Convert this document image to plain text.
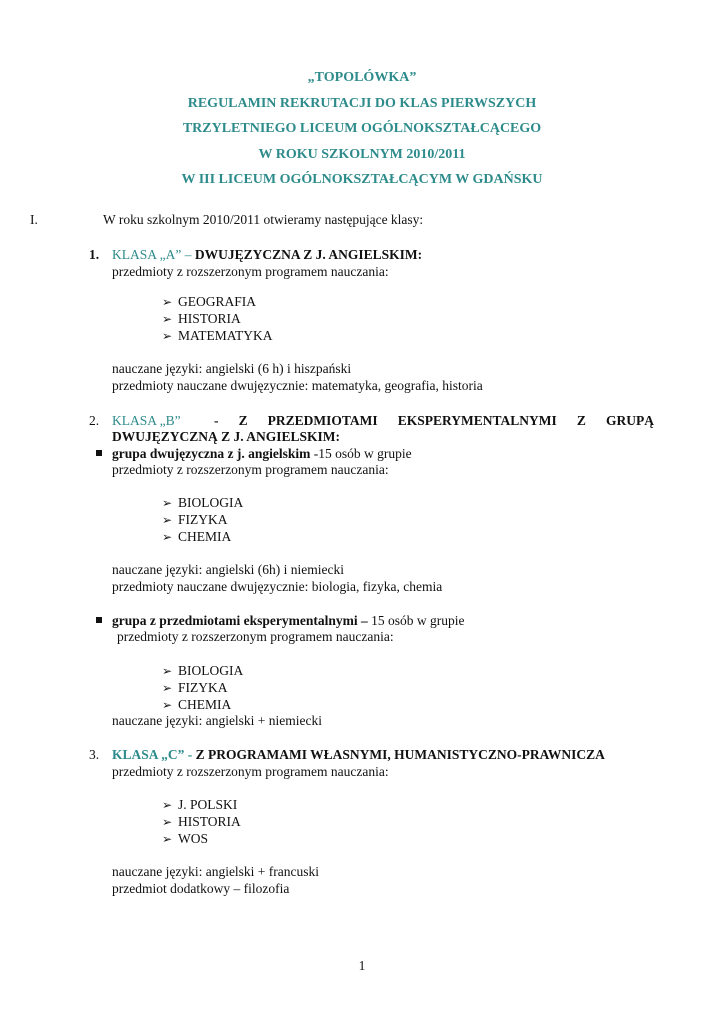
„TOPOLÓWKA”
REGULAMIN REKRUTACJI DO KLAS PIERWSZYCH
TRZYLETNIEGO LICEUM OGÓLNOKSZTAŁCĄCEGO
W ROKU SZKOLNYM 2010/2011
W III LICEUM OGÓLNOKSZTAŁCĄCYM W GDAŃSKU
I.	W roku szkolnym 2010/2011 otwieramy następujące klasy:
1. KLASA „A” – DWUJĘZYCZNA Z J. ANGIELSKIM:
przedmioty z rozszerzonym programem nauczania:
➢ GEOGRAFIA
➢ HISTORIA
➢ MATEMATYKA
nauczane języki: angielski (6 h) i hiszpański
przedmioty nauczane dwujęzycznie: matematyka, geografia, historia
2. KLASA „B” - Z PRZEDMIOTAMI EKSPERYMENTALNYMI Z GRUPĄ
DWUJĘZYCZNĄ Z J. ANGIELSKIM:
grupa dwujęzyczna z j. angielskim -15 osób w grupie
przedmioty z rozszerzonym programem nauczania:
➢ BIOLOGIA
➢ FIZYKA
➢ CHEMIA
nauczane języki: angielski (6h) i niemiecki
przedmioty nauczane dwujęzycznie: biologia, fizyka, chemia
grupa z przedmiotami eksperymentalnymi – 15 osób w grupie
przedmioty z rozszerzonym programem nauczania:
➢ BIOLOGIA
➢ FIZYKA
➢ CHEMIA
nauczane języki: angielski + niemiecki
3. KLASA „C” - Z PROGRAMAMI WŁASNYMI, HUMANISTYCZNO-PRAWNICZA
przedmioty z rozszerzonym programem nauczania:
➢ J. POLSKI
➢ HISTORIA
➢ WOS
nauczane języki: angielski + francuski
przedmiot dodatkowy – filozofia
1
